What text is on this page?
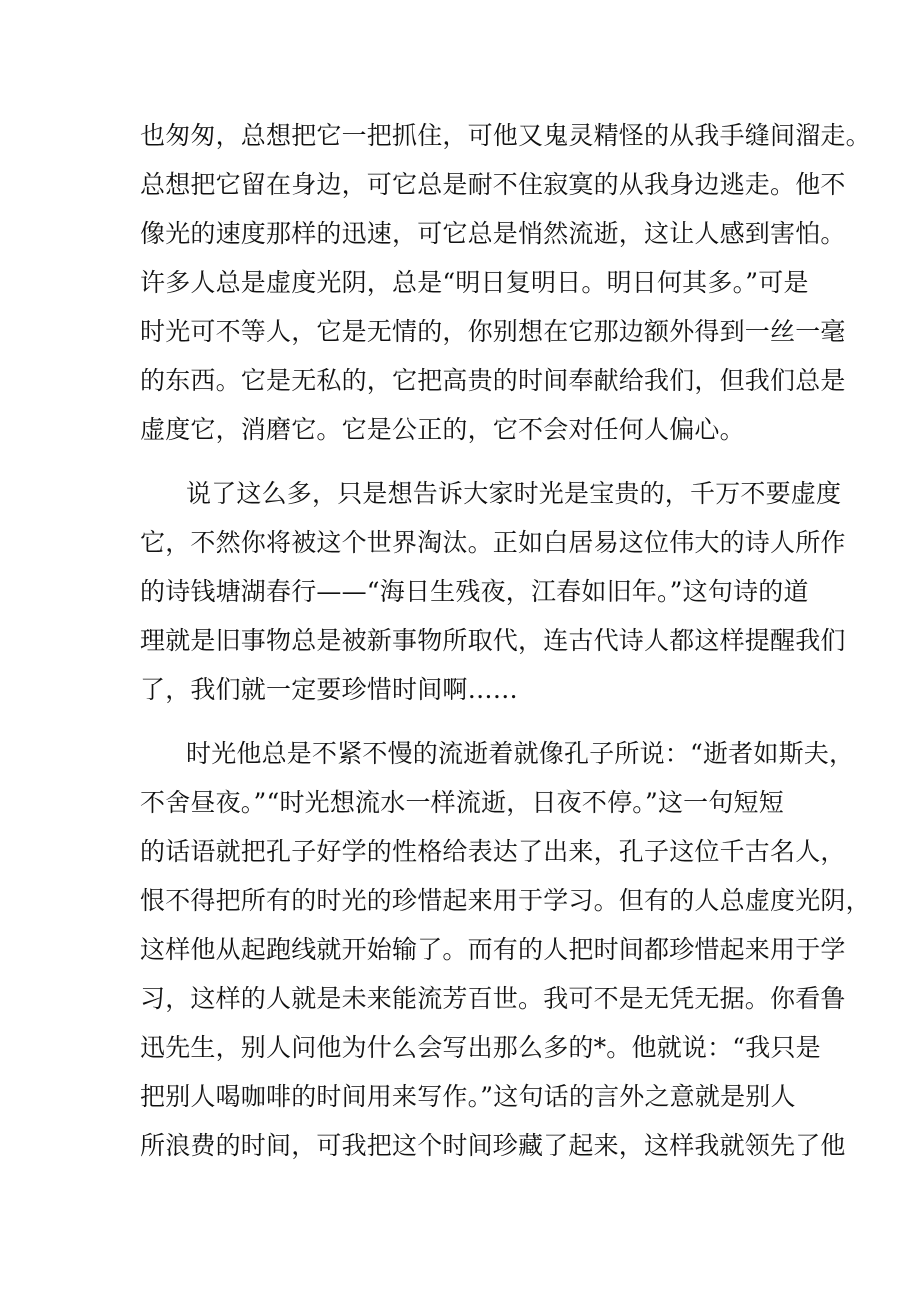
也匆匆，总想把它一把抓住，可他又鬼灵精怪的从我手缝间溜走。
总想把它留在身边，可它总是耐不住寂寞的从我身边逃走。他不
像光的速度那样的迅速，可它总是悄然流逝，这让人感到害怕。
许多人总是虚度光阴，总是“明日复明日。明日何其多。”可是
时光可不等人，它是无情的，你别想在它那边额外得到一丝一毫
的东西。它是无私的，它把高贵的时间奉献给我们，但我们总是
虚度它，消磨它。它是公正的，它不会对任何人偏心。
说了这么多，只是想告诉大家时光是宝贵的，千万不要虚度
它，不然你将被这个世界淘汰。正如白居易这位伟大的诗人所作
的诗钱塘湖春行——“海日生残夜，江春如旧年。”这句诗的道
理就是旧事物总是被新事物所取代，连古代诗人都这样提醒我们
了，我们就一定要珍惜时间啊……
时光他总是不紧不慢的流逝着就像孔子所说：“逝者如斯夫，
不舍昼夜。”“时光想流水一样流逝，日夜不停。”这一句短短
的话语就把孔子好学的性格给表达了出来，孔子这位千古名人，
恨不得把所有的时光的珍惜起来用于学习。但有的人总虚度光阴，
这样他从起跑线就开始输了。而有的人把时间都珍惜起来用于学
习，这样的人就是未来能流芳百世。我可不是无凭无据。你看鲁
迅先生，别人问他为什么会写出那么多的*。他就说：“我只是
把别人喝咖啡的时间用来写作。”这句话的言外之意就是别人
所浪费的时间，可我把这个时间珍藏了起来，这样我就领先了他
